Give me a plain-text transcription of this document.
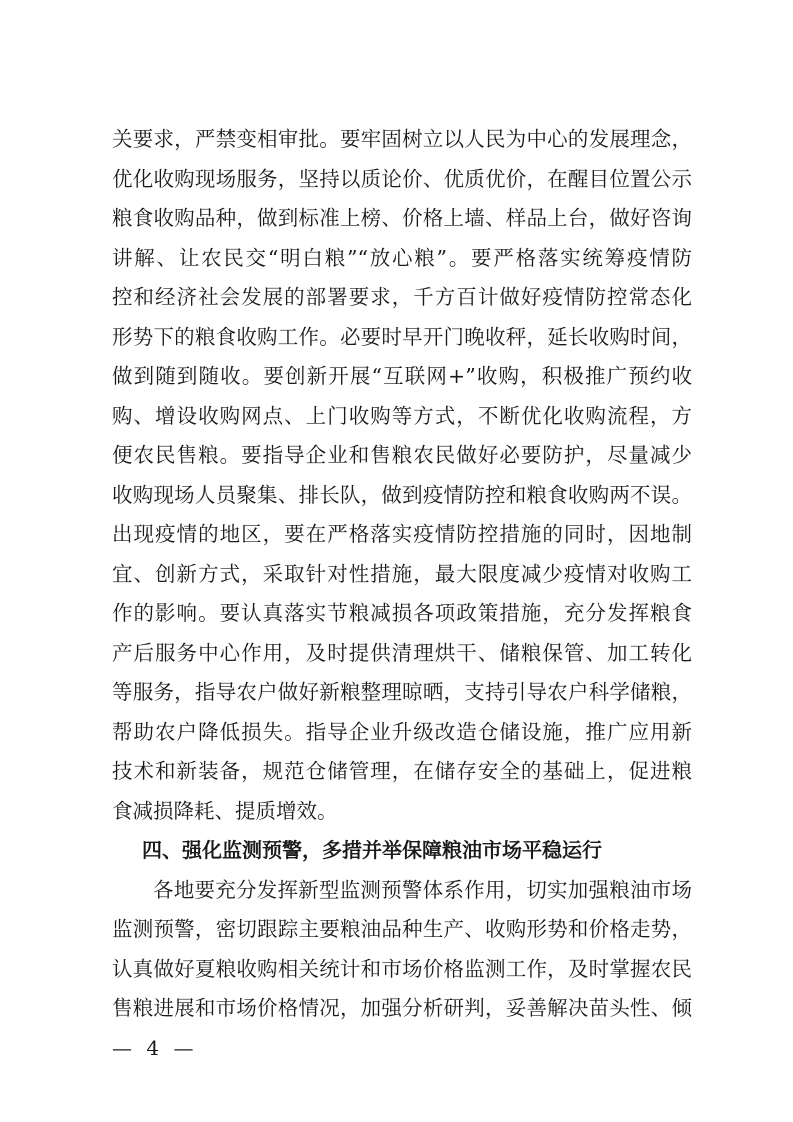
关要求，严禁变相审批。要牢固树立以人民为中心的发展理念，
优化收购现场服务，坚持以质论价、优质优价，在醒目位置公示
粮食收购品种，做到标准上榜、价格上墙、样品上台，做好咨询
讲解、让农民交“明白粮”“放心粮”。要严格落实统筹疫情防
控和经济社会发展的部署要求，千方百计做好疫情防控常态化
形势下的粮食收购工作。必要时早开门晚收秤，延长收购时间，
做到随到随收。要创新开展“互联网+”收购，积极推广预约收
购、增设收购网点、上门收购等方式，不断优化收购流程，方
便农民售粮。要指导企业和售粮农民做好必要防护，尽量减少
收购现场人员聚集、排长队，做到疫情防控和粮食收购两不误。
出现疫情的地区，要在严格落实疫情防控措施的同时，因地制
宜、创新方式，采取针对性措施，最大限度减少疫情对收购工
作的影响。要认真落实节粮减损各项政策措施，充分发挥粮食
产后服务中心作用，及时提供清理烘干、储粮保管、加工转化
等服务，指导农户做好新粮整理晾晒，支持引导农户科学储粮，
帮助农户降低损失。指导企业升级改造仓储设施，推广应用新
技术和新装备，规范仓储管理，在储存安全的基础上，促进粮
食减损降耗、提质增效。
四、强化监测预警，多措并举保障粮油市场平稳运行
各地要充分发挥新型监测预警体系作用，切实加强粮油市场
监测预警，密切跟踪主要粮油品种生产、收购形势和价格走势，
认真做好夏粮收购相关统计和市场价格监测工作，及时掌握农民
售粮进展和市场价格情况，加强分析研判，妥善解决苗头性、倾
— 4 —
